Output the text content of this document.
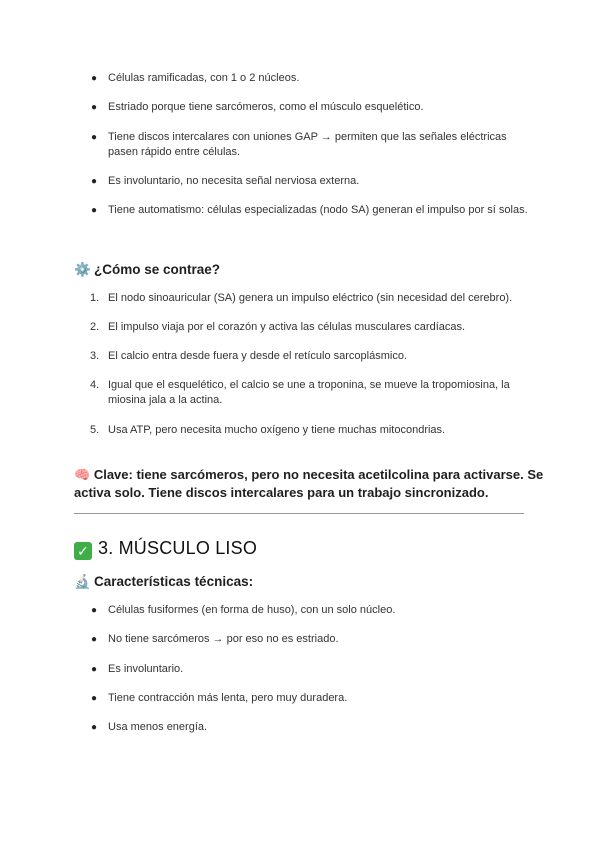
● Células ramificadas, con 1 o 2 núcleos.
● Estriado porque tiene sarcómeros, como el músculo esquelético.
● Tiene discos intercalares con uniones GAP → permiten que las señales eléctricas pasen rápido entre células.
● Es involuntario, no necesita señal nerviosa externa.
● Tiene automatismo: células especializadas (nodo SA) generan el impulso por sí solas.
⚙️ ¿Cómo se contrae?
1. El nodo sinoauricular (SA) genera un impulso eléctrico (sin necesidad del cerebro).
2. El impulso viaja por el corazón y activa las células musculares cardíacas.
3. El calcio entra desde fuera y desde el retículo sarcoplásmico.
4. Igual que el esquelético, el calcio se une a troponina, se mueve la tropomiosina, la miosina jala a la actina.
5. Usa ATP, pero necesita mucho oxígeno y tiene muchas mitocondrias.

🧠 Clave: tiene sarcómeros, pero no necesita acetilcolina para activarse. Se activa solo. Tiene discos intercalares para un trabajo sincronizado.

✓ 3. MÚSCULO LISO
🔬 Características técnicas:
● Células fusiformes (en forma de huso), con un solo núcleo.
● No tiene sarcómeros → por eso no es estriado.
● Es involuntario.
● Tiene contracción más lenta, pero muy duradera.
● Usa menos energía.
